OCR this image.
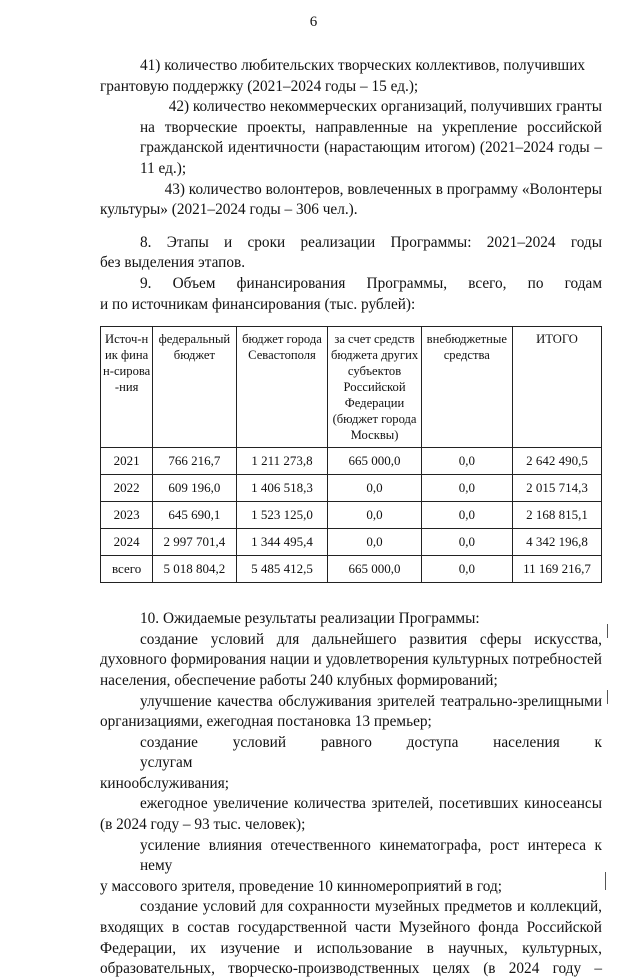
6

41) количество любительских творческих коллективов, получивших
грантовую поддержку (2021–2024 годы – 15 ед.);

42) количество некоммерческих организаций, получивших гранты
на творческие проекты, направленные на укрепление российской
гражданской идентичности (нарастающим итогом) (2021–2024 годы –
11 ед.);

43) количество волонтеров, вовлеченных в программу «Волонтеры
культуры» (2021–2024 годы – 306 чел.).

8. Этапы и сроки реализации Программы: 2021–2024 годы
без выделения этапов.

9. Объем финансирования Программы, всего, по годам
и по источникам финансирования (тыс. рублей):

Источ-ник финан-сирова-ния	федеральный бюджет	бюджет города Севастополя	за счет средств бюджета других субъектов Российской Федерации (бюджет города Москвы)	внебюджетные средства	ИТОГО
2021	766 216,7	1 211 273,8	665 000,0	0,0	2 642 490,5
2022	609 196,0	1 406 518,3	0,0	0,0	2 015 714,3
2023	645 690,1	1 523 125,0	0,0	0,0	2 168 815,1
2024	2 997 701,4	1 344 495,4	0,0	0,0	4 342 196,8
всего	5 018 804,2	5 485 412,5	665 000,0	0,0	11 169 216,7

10. Ожидаемые результаты реализации Программы:

создание условий для дальнейшего развития сферы искусства,
духовного формирования нации и удовлетворения культурных потребностей
населения, обеспечение работы 240 клубных формирований;

улучшение качества обслуживания зрителей театрально-зрелищными
организациями, ежегодная постановка 13 премьер;

создание условий равного доступа населения к услугам
кинообслуживания;

ежегодное увеличение количества зрителей, посетивших киносеансы
(в 2024 году – 93 тыс. человек);

усиление влияния отечественного кинематографа, рост интереса к нему
у массового зрителя, проведение 10 кинномероприятий в год;

создание условий для сохранности музейных предметов и коллекций,
входящих в состав государственной части Музейного фонда Российской
Федерации, их изучение и использование в научных, культурных,
образовательных, творческо-производственных целях (в 2024 году –
